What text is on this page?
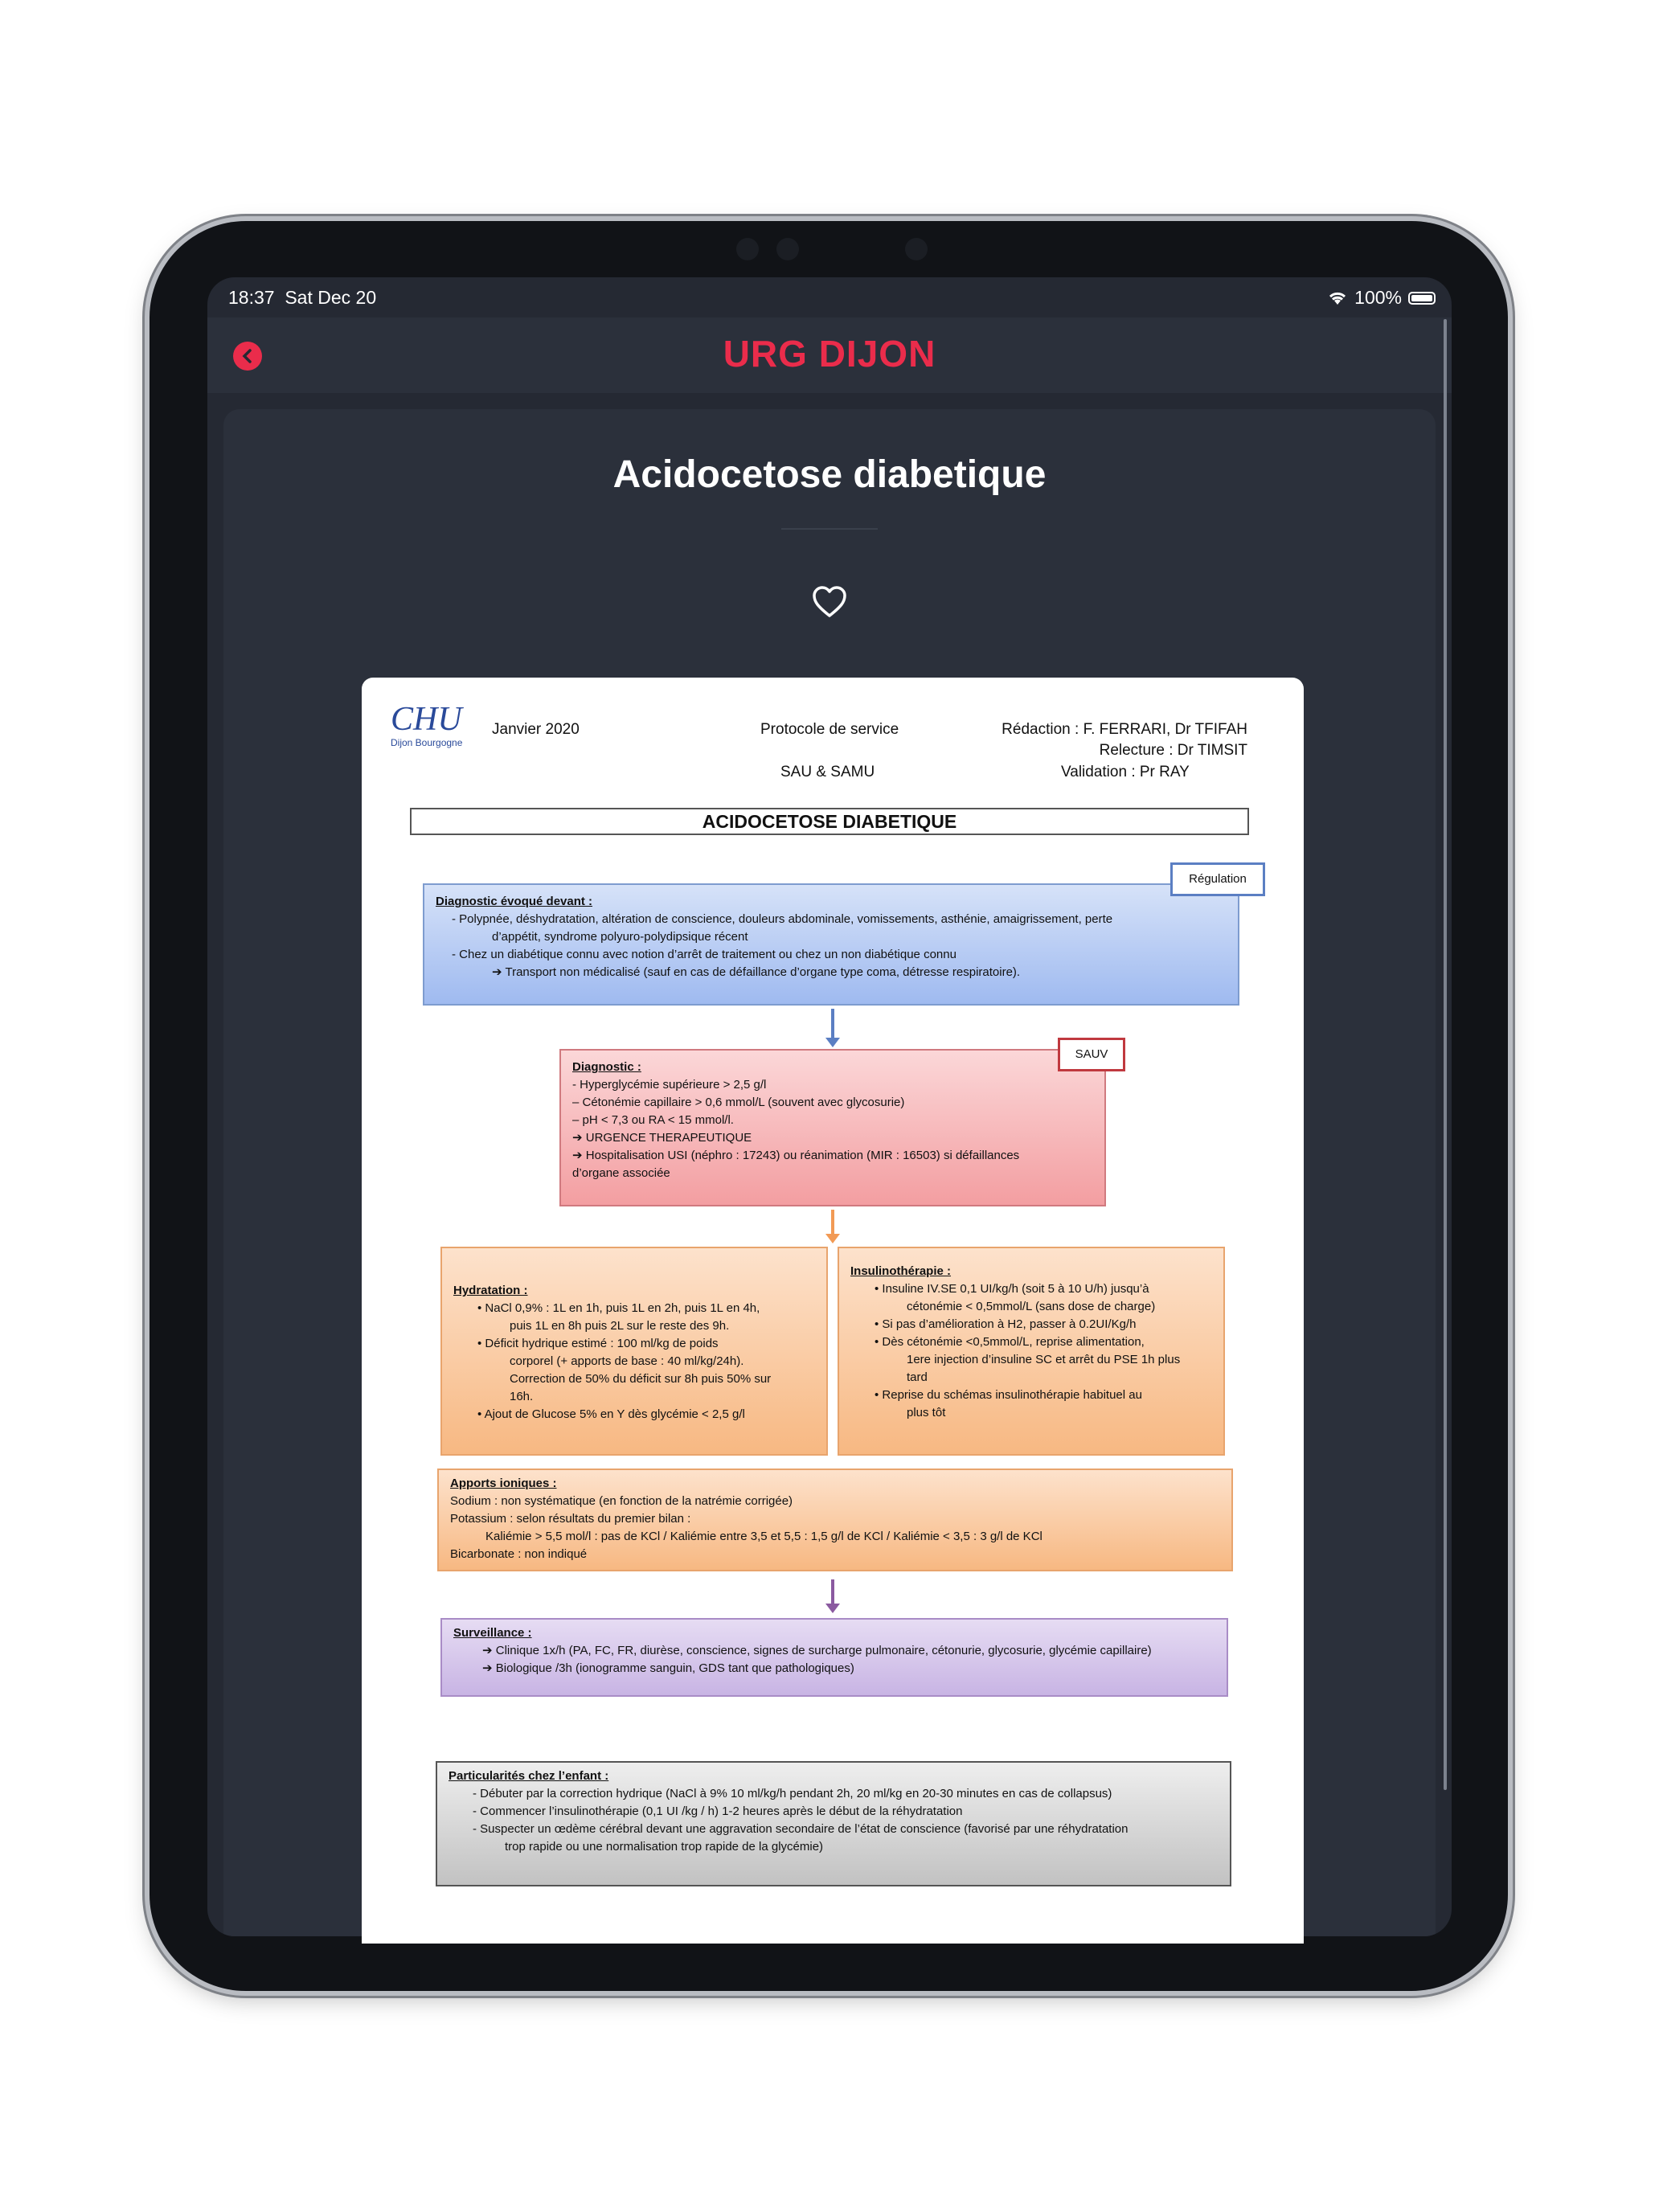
18:37 Sat Dec 20	100%
URG DIJON
Acidocetose diabetique
CHU
Dijon Bourgogne
Janvier 2020	Protocole de service
SAU & SAMU
Rédaction : F. FERRARI, Dr TFIFAH
Relecture : Dr TIMSIT
Validation : Pr RAY
ACIDOCETOSE DIABETIQUE
Diagnostic évoqué devant :
- Polypnée, déshydratation, altération de conscience, douleurs abdominale, vomissements, asthénie, amaigrissement, perte
d’appétit, syndrome polyuro-polydipsique récent
- Chez un diabétique connu avec notion d’arrêt de traitement ou chez un non diabétique connu
➔ Transport non médicalisé (sauf en cas de défaillance d’organe type coma, détresse respiratoire).
Régulation
Diagnostic :
- Hyperglycémie supérieure > 2,5 g/l
– Cétonémie capillaire > 0,6 mmol/L (souvent avec glycosurie)
– pH < 7,3 ou RA < 15 mmol/l.
➔ URGENCE THERAPEUTIQUE
➔ Hospitalisation USI (néphro : 17243) ou réanimation (MIR : 16503) si défaillances
d’organe associée
SAUV
Hydratation :
• NaCl 0,9% : 1L en 1h, puis 1L en 2h, puis 1L en 4h,
puis 1L en 8h puis 2L sur le reste des 9h.
• Déficit hydrique estimé : 100 ml/kg de poids
corporel (+ apports de base : 40 ml/kg/24h).
Correction de 50% du déficit sur 8h puis 50% sur
16h.
• Ajout de Glucose 5% en Y dès glycémie < 2,5 g/l
Insulinothérapie :
• Insuline IV.SE 0,1 UI/kg/h (soit 5 à 10 U/h) jusqu’à
cétonémie < 0,5mmol/L (sans dose de charge)
• Si pas d’amélioration à H2, passer à 0.2UI/Kg/h
• Dès cétonémie <0,5mmol/L, reprise alimentation,
1ere injection d’insuline SC et arrêt du PSE 1h plus
tard
• Reprise du schémas insulinothérapie habituel au
plus tôt
Apports ioniques :
Sodium : non systématique (en fonction de la natrémie corrigée)
Potassium : selon résultats du premier bilan :
Kaliémie > 5,5 mol/l : pas de KCl / Kaliémie entre 3,5 et 5,5 : 1,5 g/l de KCl / Kaliémie < 3,5 : 3 g/l de KCl
Bicarbonate : non indiqué
Surveillance :
➔ Clinique 1x/h (PA, FC, FR, diurèse, conscience, signes de surcharge pulmonaire, cétonurie, glycosurie, glycémie capillaire)
➔ Biologique /3h (ionogramme sanguin, GDS tant que pathologiques)
Particularités chez l’enfant :
- Débuter par la correction hydrique (NaCl à 9% 10 ml/kg/h pendant 2h, 20 ml/kg en 20-30 minutes en cas de collapsus)
- Commencer l’insulinothérapie (0,1 UI /kg / h) 1-2 heures après le début de la réhydratation
- Suspecter un œdème cérébral devant une aggravation secondaire de l’état de conscience (favorisé par une réhydratation
trop rapide ou une normalisation trop rapide de la glycémie)
